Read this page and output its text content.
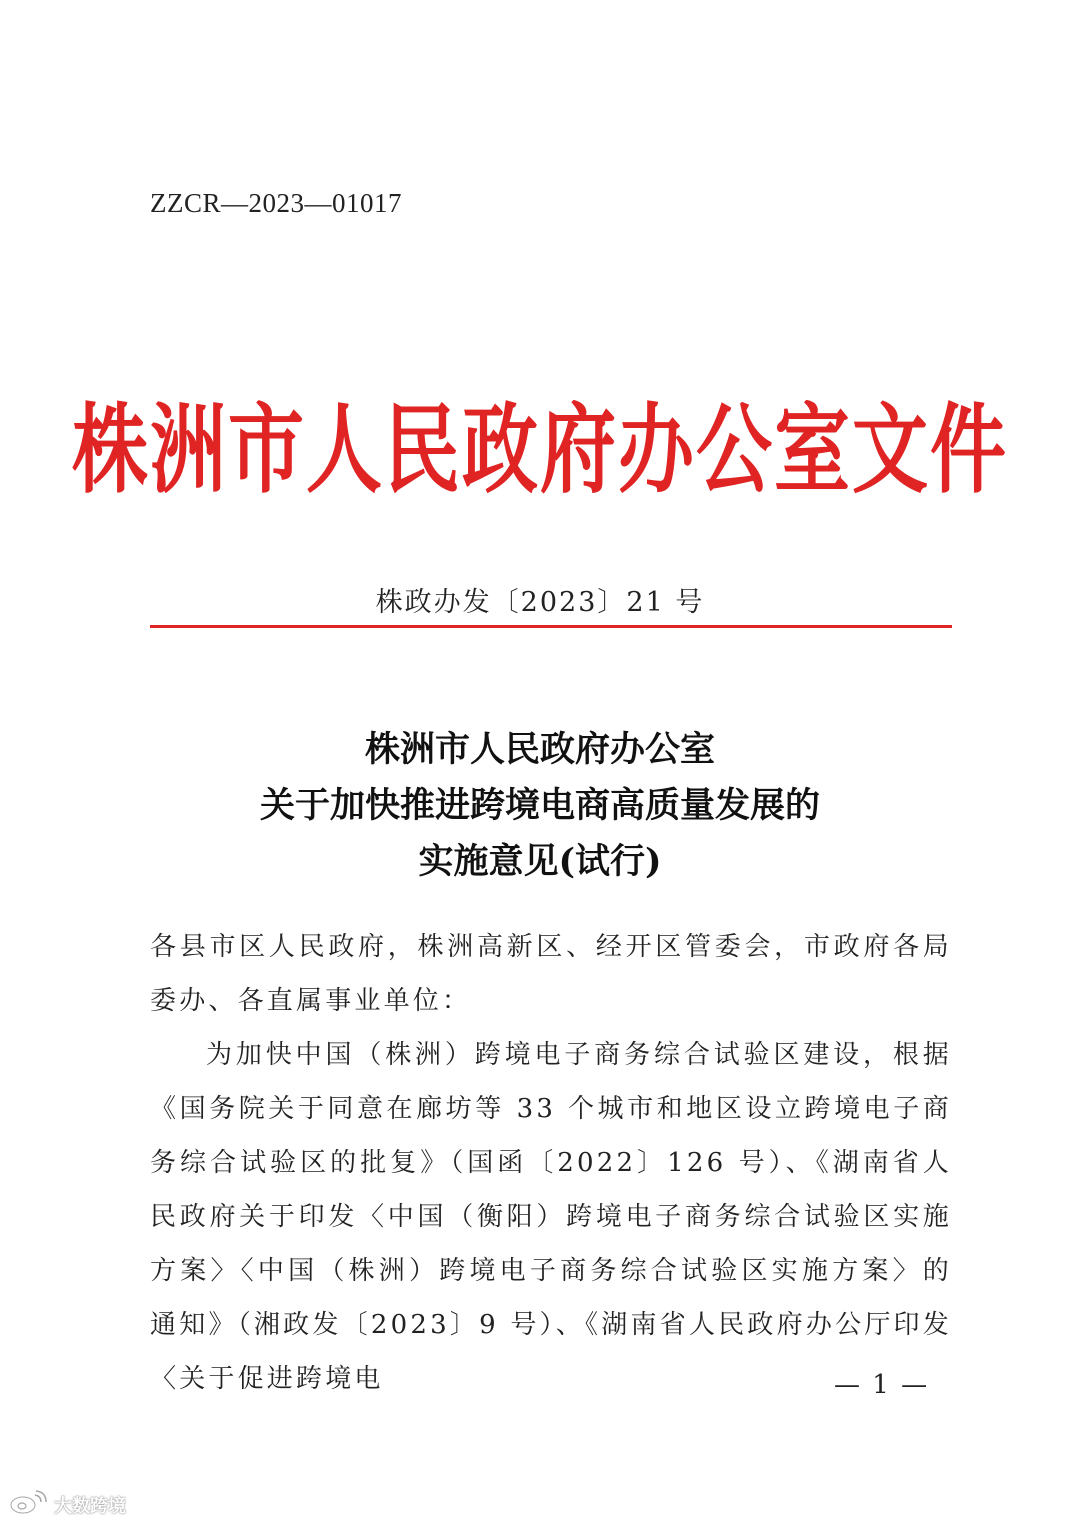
ZZCR—2023—01017
株洲市人民政府办公室文件
株政办发〔2023〕21 号
株洲市人民政府办公室
关于加快推进跨境电商高质量发展的
实施意见(试行)

各县市区人民政府，株洲高新区、经开区管委会，市政府各局委办、各直属事业单位：

为加快中国（株洲）跨境电子商务综合试验区建设，根据《国务院关于同意在廊坊等 33 个城市和地区设立跨境电子商务综合试验区的批复》（国函〔2022〕126 号）、《湖南省人民政府关于印发〈中国（衡阳）跨境电子商务综合试验区实施方案〉〈中国（株洲）跨境电子商务综合试验区实施方案〉的通知》（湘政发〔2023〕9 号）、《湖南省人民政府办公厅印发〈关于促进跨境电	— 1 —
大数跨境
